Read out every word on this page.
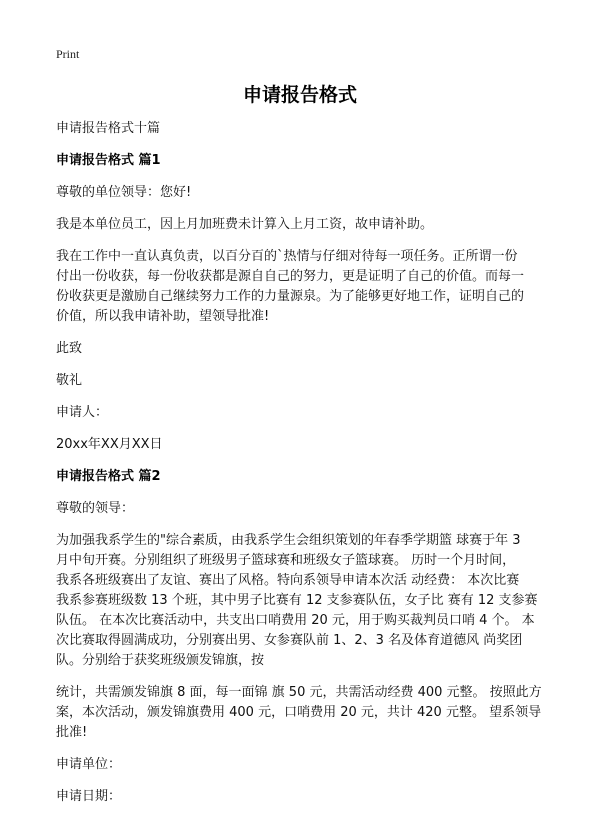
Print
申请报告格式

申请报告格式十篇

申请报告格式 篇1

尊敬的单位领导：您好!

我是本单位员工，因上月加班费未计算入上月工资，故申请补助。

我在工作中一直认真负责，以百分百的`热情与仔细对待每一项任务。正所谓一份
付出一份收获，每一份收获都是源自自己的努力，更是证明了自己的价值。而每一
份收获更是激励自己继续努力工作的力量源泉。为了能够更好地工作，证明自己的
价值，所以我申请补助，望领导批准!

此致

敬礼

申请人：

20xx年XX月XX日

申请报告格式 篇2

尊敬的领导：

为加强我系学生的"综合素质，由我系学生会组织策划的年春季学期篮 球赛于年 3
月中旬开赛。分别组织了班级男子篮球赛和班级女子篮球赛。 历时一个月时间，
我系各班级赛出了友谊、赛出了风格。特向系领导申请本次活 动经费： 本次比赛
我系参赛班级数 13 个班，其中男子比赛有 12 支参赛队伍，女子比 赛有 12 支参赛
队伍。 在本次比赛活动中，共支出口哨费用 20 元，用于购买裁判员口哨 4 个。 本
次比赛取得圆满成功，分别赛出男、女参赛队前 1、2、3 名及体育道德风 尚奖团
队。分别给于获奖班级颁发锦旗，按
统计，共需颁发锦旗 8 面，每一面锦 旗 50 元，共需活动经费 400 元整。 按照此方
案，本次活动，颁发锦旗费用 400 元，口哨费用 20 元，共计 420 元整。 望系领导
批准!

申请单位：

申请日期：
